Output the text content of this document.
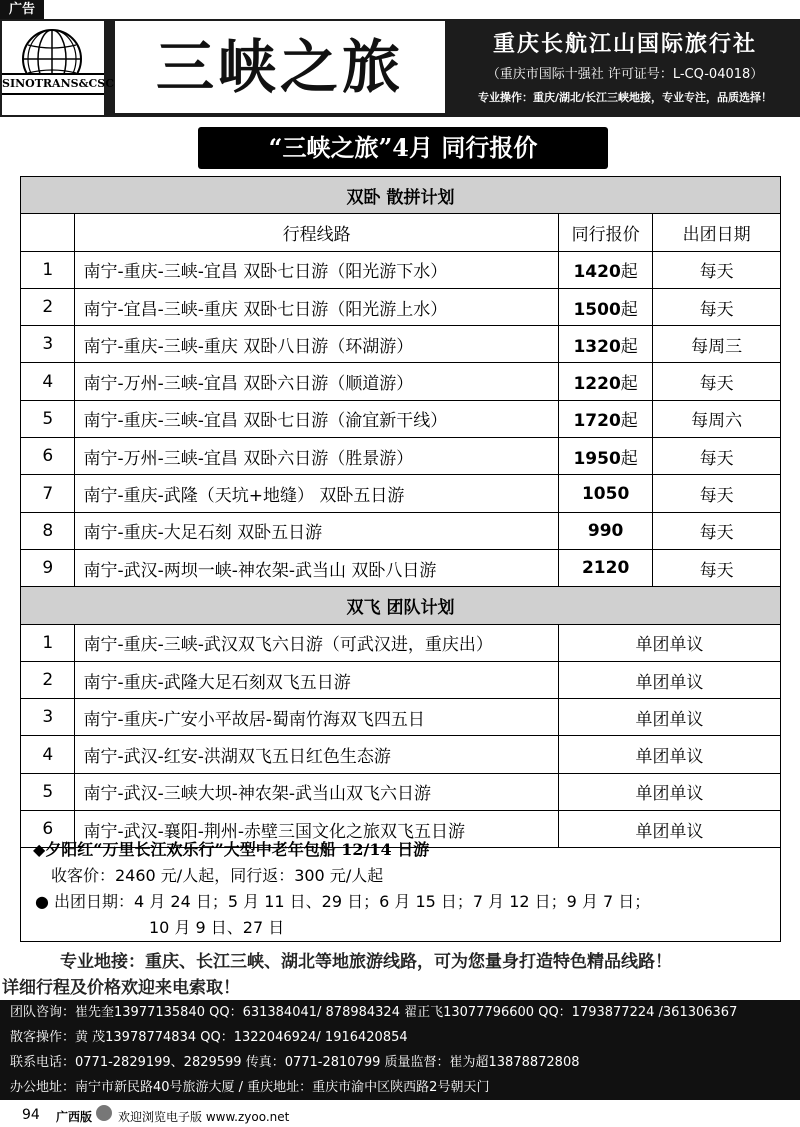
广告
SINOTRANS&CSC 三峡之旅	重庆长航江山国际旅行社
（重庆市国际十强社 许可证号：L-CQ-04018）
专业操作：重庆/湖北/长江三峡地接，专业专注，品质选择！
“三峡之旅”4月 同行报价
双卧 散拼计划			
	行程线路	同行报价	出团日期
1	南宁-重庆-三峡-宜昌 双卧七日游（阳光游下水）	1420起	每天
2	南宁-宜昌-三峡-重庆 双卧七日游（阳光游上水）	1500起	每天
3	南宁-重庆-三峡-重庆 双卧八日游（环湖游）	1320起	每周三
4	南宁-万州-三峡-宜昌 双卧六日游（顺道游）	1220起	每天
5	南宁-重庆-三峡-宜昌 双卧七日游（渝宜新干线）	1720起	每周六
6	南宁-万州-三峡-宜昌 双卧六日游（胜景游）	1950起	每天
7	南宁-重庆-武隆（天坑+地缝） 双卧五日游	1050	每天
8	南宁-重庆-大足石刻 双卧五日游	990	每天
9	南宁-武汉-两坝一峡-神农架-武当山 双卧八日游	2120	每天
双飞 团队计划			
1	南宁-重庆-三峡-武汉双飞六日游（可武汉进，重庆出）	单团单议	
2	南宁-重庆-武隆大足石刻双飞五日游	单团单议	
3	南宁-重庆-广安小平故居-蜀南竹海双飞四五日	单团单议	
4	南宁-武汉-红安-洪湖双飞五日红色生态游	单团单议	
5	南宁-武汉-三峡大坝-神农架-武当山双飞六日游	单团单议	
6	南宁-武汉-襄阳-荆州-赤壁三国文化之旅双飞五日游	单团单议	
◆夕阳红“万里长江欢乐行”大型中老年包船 12/14 日游
收客价：2460 元/人起，同行返：300 元/人起
● 出团日期：4 月 24 日；5 月 11 日、29 日；6 月 15 日；7 月 12 日；9 月 7 日；
10 月 9 日、27 日
专业地接：重庆、长江三峡、湖北等地旅游线路，可为您量身打造特色精品线路！
详细行程及价格欢迎来电索取！
团队咨询：崔先奎13977135840 QQ：631384041/ 878984324 翟正飞13077796600 QQ：1793877224 /361306367
散客操作：黄 茂13978774834 QQ：1322046924/ 1916420854
联系电话：0771-2829199、2829599 传真：0771-2810799 质量监督：崔为超13878872808
办公地址：南宁市新民路40号旅游大厦 / 重庆地址：重庆市渝中区陕西路2号朝天门
94 广西版 欢迎浏览电子版 www.zyoo.net
